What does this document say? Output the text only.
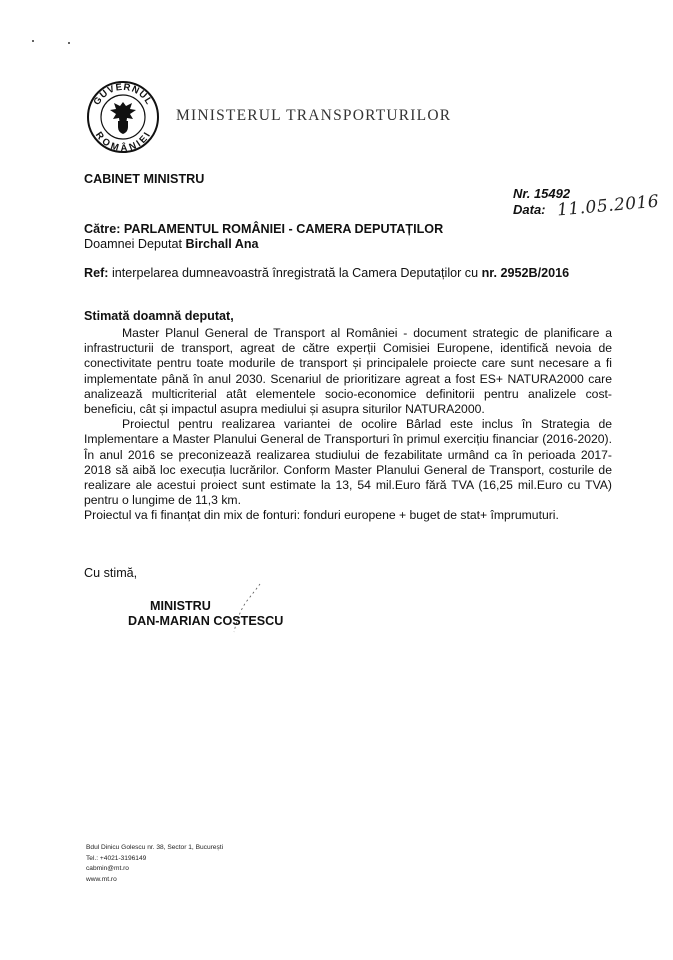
GUVERNUL
ROMÂNIEI
MINISTERUL TRANSPORTURILOR
CABINET MINISTRU
Nr. 15492
Data: 11.05.2016
Către: PARLAMENTUL ROMÂNIEI - CAMERA DEPUTAȚILOR
Doamnei Deputat Birchall Ana
Ref: interpelarea dumneavoastră înregistrată la Camera Deputaților cu nr. 2952B/2016
Stimată doamnă deputat,

Master Planul General de Transport al României - document strategic de planificare a infrastructurii de transport, agreat de către experții Comisiei Europene, identifică nevoia de conectivitate pentru toate modurile de transport și principalele proiecte care sunt necesare a fi implementate până în anul 2030. Scenariul de prioritizare agreat a fost ES+ NATURA2000 care analizează multicriterial atât elementele socio-economice definitorii pentru analizele cost-beneficiu, cât și impactul asupra mediului și asupra siturilor NATURA2000.

Proiectul pentru realizarea variantei de ocolire Bârlad este inclus în Strategia de Implementare a Master Planului General de Transporturi în primul exercițiu financiar (2016-2020). În anul 2016 se preconizează realizarea studiului de fezabilitate urmând ca în perioada 2017-2018 să aibă loc execuția lucrărilor. Conform Master Planului General de Transport, costurile de realizare ale acestui proiect sunt estimate la 13, 54 mil.Euro fără TVA (16,25 mil.Euro cu TVA) pentru o lungime de 11,3 km.

Proiectul va fi finanțat din mix de fonturi: fonduri europene + buget de stat+ împrumuturi.

Cu stimă,
MINISTRU
DAN-MARIAN COSTESCU
Bdul Dinicu Golescu nr. 38, Sector 1, București
Tel.: +4021-3196149
cabmin@mt.ro
www.mt.ro
